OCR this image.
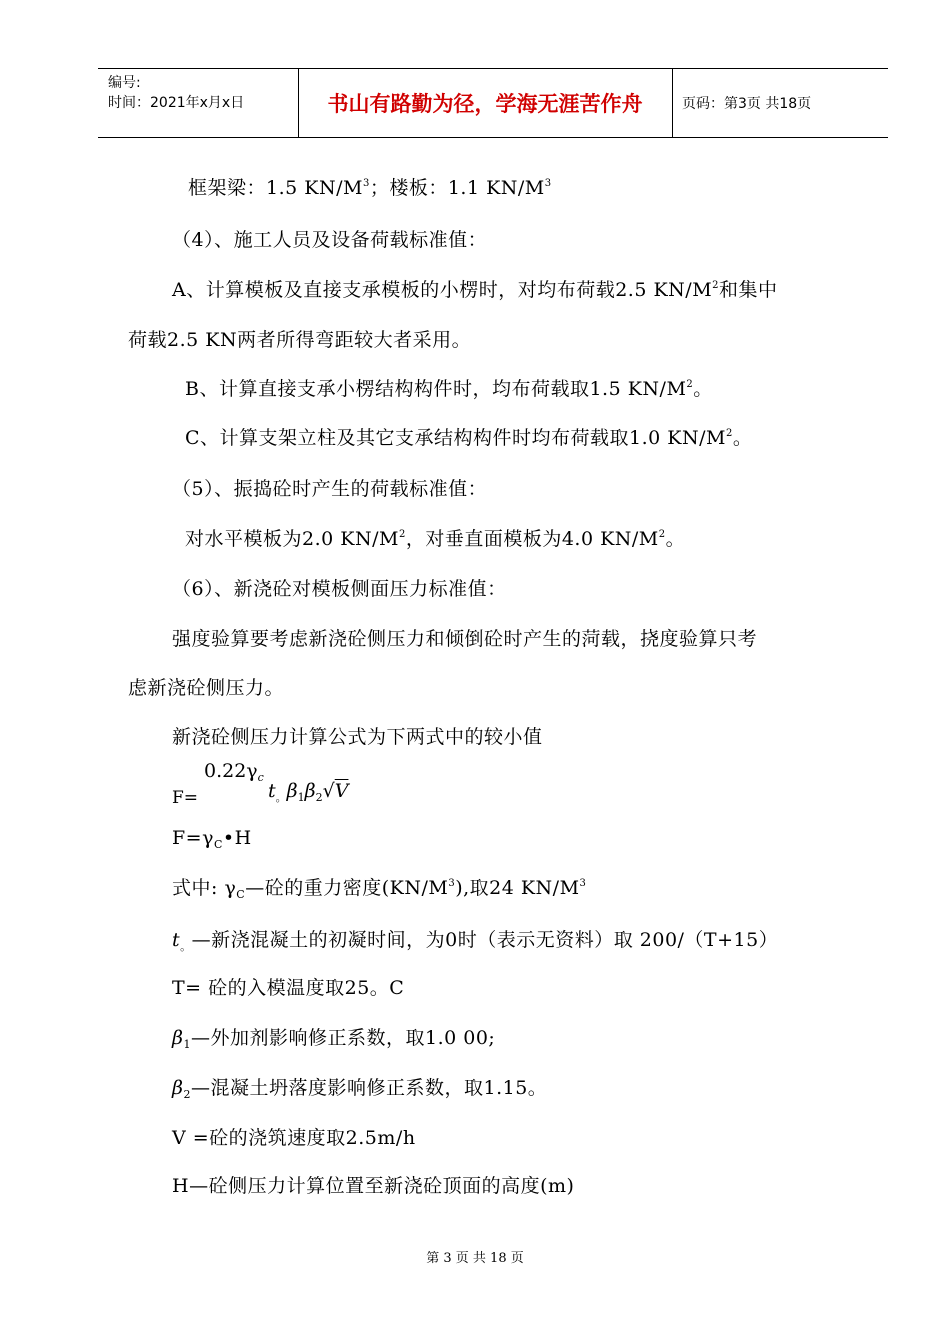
编号:
时间：2021年x月x日	书山有路勤为径，学海无涯苦作舟	页码：第3页 共18页
框架梁：1.5 $KN/M^3$；楼板：1.1 $KN/M^3$
（4）、施工人员及设备荷载标准值：
A、计算模板及直接支承模板的小楞时，对均布荷载2.5 $KN/M^2$和集中
荷载2.5 KN两者所得弯距较大者采用。
B、计算直接支承小楞结构构件时，均布荷载取1.5 $KN/M^2$。
C、计算支架立柱及其它支承结构构件时均布荷载取1.0 $KN/M^2$。
（5）、振捣砼时产生的荷载标准值：
对水平模板为2.0 $KN/M^2$，对垂直面模板为4.0 $KN/M^2$。
（6）、新浇砼对模板侧面压力标准值：
强度验算要考虑新浇砼侧压力和倾倒砼时产生的菏载，挠度验算只考
虑新浇砼侧压力。
新浇砼侧压力计算公式为下两式中的较小值
F=
$0.22\gamma_c$
$t_。\beta_1\beta_2√V$
$F=\gamma_C•H$
式中: $\gamma_C—$砼的重力密度$(KN/M^3)$,取24 $KN/M^3$
$t_。—$新浇混凝土的初凝时间，为0时（表示无资料）取 200/（T+15）
T= 砼的入模温度取25。C
$\beta_1—$外加剂影响修正系数，取1.0 00;
$\beta_2—$混凝土坍落度影响修正系数，取1.15。
V =砼的浇筑速度取2.5m/h
H—砼侧压力计算位置至新浇砼顶面的高度(m)
第 3 页 共 18 页
